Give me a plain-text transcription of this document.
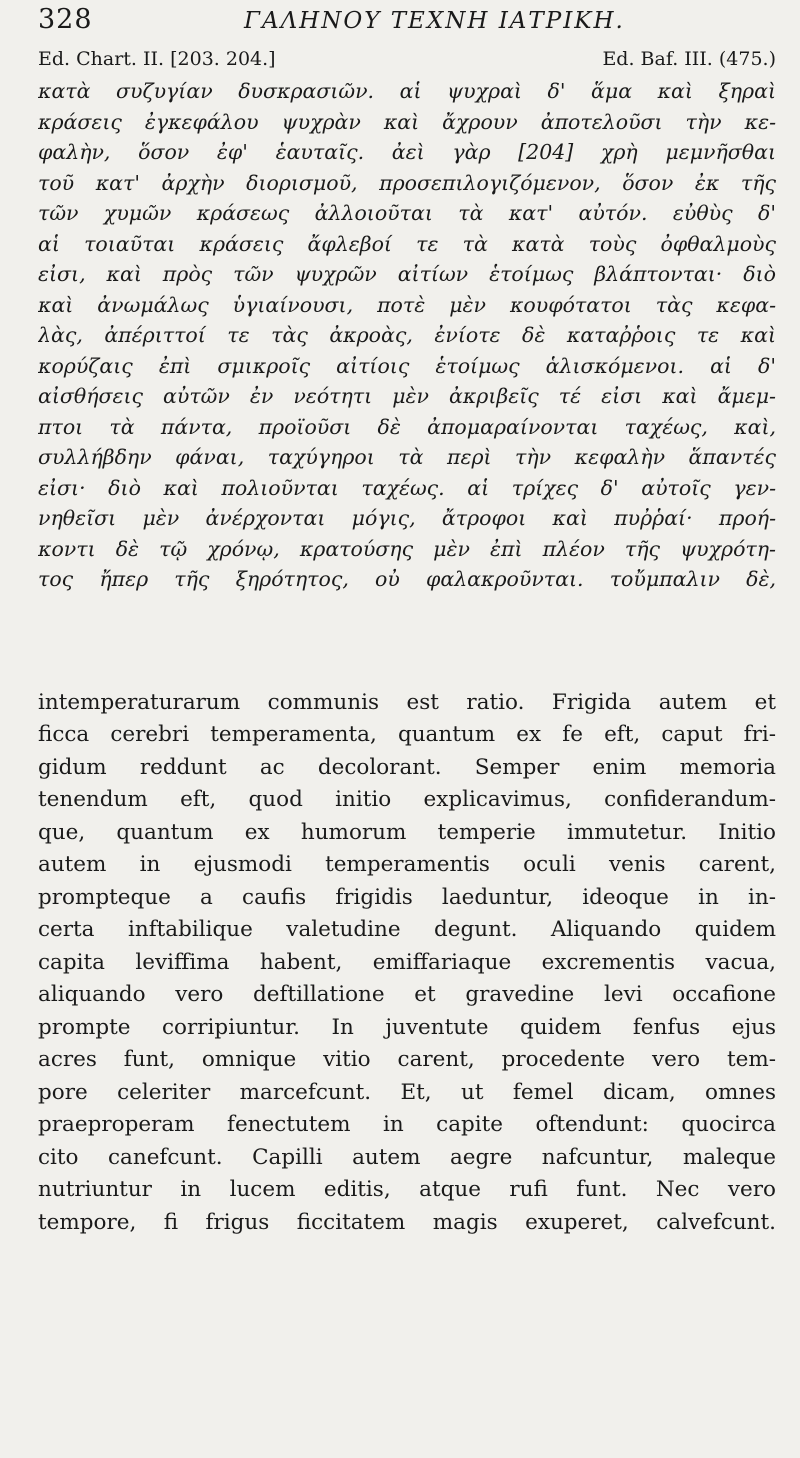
328	ΓΑΛΗΝΟΥ ΤΕΧΝΗ ΙΑΤΡΙΚΗ.
Ed. Chart. II. [203. 204.]	Ed. Baf. III. (475.)
κατὰ συζυγίαν δυσκρασιῶν. αἱ ψυχραὶ δ' ἅμα καὶ ξηραὶ
κράσεις ἐγκεφάλου ψυχρὰν καὶ ἄχρουν ἀποτελοῦσι τὴν κε-
φαλὴν, ὅσον ἐφ' ἑαυταῖς. ἀεὶ γὰρ [204] χρὴ μεμνῆσθαι
τοῦ κατ' ἀρχὴν διορισμοῦ, προσεπιλογιζόμενον, ὅσον ἐκ τῆς
τῶν χυμῶν κράσεως ἀλλοιοῦται τὰ κατ' αὐτόν. εὐθὺς δ'
αἱ τοιαῦται κράσεις ἄφλεβοί τε τὰ κατὰ τοὺς ὀφθαλμοὺς
εἰσι, καὶ πρὸς τῶν ψυχρῶν αἰτίων ἑτοίμως βλάπτονται· διὸ
καὶ ἀνωμάλως ὑγιαίνουσι, ποτὲ μὲν κουφότατοι τὰς κεφα-
λὰς, ἀπέριττοί τε τὰς ἀκροὰς, ἐνίοτε δὲ καταῤῥοις τε καὶ
κορύζαις ἐπὶ σμικροῖς αἰτίοις ἑτοίμως ἁλισκόμενοι. αἱ δ'
αἰσθήσεις αὐτῶν ἐν νεότητι μὲν ἀκριβεῖς τέ εἰσι καὶ ἄμεμ-
πτοι τὰ πάντα, προϊοῦσι δὲ ἀπομαραίνονται ταχέως, καὶ,
συλλήβδην φάναι, ταχύγηροι τὰ περὶ τὴν κεφαλὴν ἅπαντές
εἰσι· διὸ καὶ πολιοῦνται ταχέως. αἱ τρίχες δ' αὐτοῖς γεν-
νηθεῖσι μὲν ἀνέρχονται μόγις, ἄτροφοι καὶ πυῤῥαί· προή-
κοντι δὲ τῷ χρόνῳ, κρατούσης μὲν ἐπὶ πλέον τῆς ψυχρότη-
τος ἤπερ τῆς ξηρότητος, οὐ φαλακροῦνται. τοὔμπαλιν δὲ,
intemperaturarum communis est ratio. Frigida autem et
ficca cerebri temperamenta, quantum ex fe eft, caput fri-
gidum reddunt ac decolorant. Semper enim memoria
tenendum eft, quod initio explicavimus, confiderandum-
que, quantum ex humorum temperie immutetur. Initio
autem in ejusmodi temperamentis oculi venis carent,
prompteque a caufis frigidis laeduntur, ideoque in in-
certa inftabilique valetudine degunt. Aliquando quidem
capita leviffima habent, emiffariaque excrementis vacua,
aliquando vero deftillatione et gravedine levi occafione
prompte corripiuntur. In juventute quidem fenfus ejus
acres funt, omnique vitio carent, procedente vero tem-
pore celeriter marcefcunt. Et, ut femel dicam, omnes
praeproperam fenectutem in capite oftendunt: quocirca
cito canefcunt. Capilli autem aegre nafcuntur, maleque
nutriuntur in lucem editis, atque rufi funt. Nec vero
tempore, fi frigus ficcitatem magis exuperet, calvefcunt.
